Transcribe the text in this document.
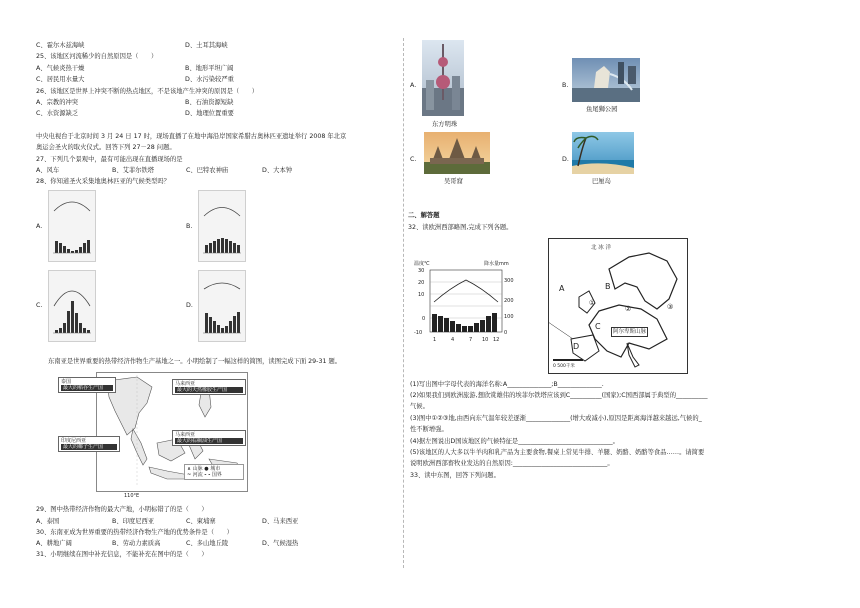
C、霍尔木兹海峡	D、土耳其海峡
25、该地区河流稀少的自然原因是（　　）
A、气候炎热干燥	B、地形平坦广阔
C、居民用水量大	D、水污染较严重
26、该地区是世界上冲突不断的热点地区，不是该地产生冲突的原因是（　　）
A、宗教的冲突	B、石油资源短缺
C、水资源缺乏	D、地理位置重要
中央电视台于北京时间 3 月 24 日 17 时，现场直播了在地中海沿岸国家希腊古奥林匹亚遗址举行 2008 年北京
奥运会圣火的取火仪式。回答下列 27－28 问题。
27、下列几个景观中，最有可能出现在直播现场的是
A、风车	B、艾菲尔铁塔	C、巴特农神庙	D、大本钟
28、你知道圣火采集地奥林匹亚的气候类型吗？
A.	B.
C.	D.
东南亚是世界重要的热带经济作物生产基地之一。小明绘制了一幅这样的简图，读图完成下面 29-31 题。
泰国
最大的稻谷生产国
马来西亚
最大的天然橡胶生产国
印度尼西亚
最大的椰子生产国
马来西亚
最大的棕榈油生产国
∧ 山脉 ● 城市
~ 河流 - - 国界
110°E
29、图中热带经济作物的最大产地，小明标错了的是（　　）
A、泰国	B、印度尼西亚	C、柬埔寨	D、马来西亚
30、东南亚成为世界重要的热带经济作物生产地的优势条件是（　　）
A、耕地广阔	B、劳动力素质高	C、多山地丘陵	D、气候湿热
31、小明继续在图中补充信息，不能补充在图中的是（　　）
A.
东方明珠
B.
鱼尾狮公园
C.
吴哥窟
D.
巴厘岛
二、解答题
32、读欧洲西部略图,完成下列各题。
温度℃	降水量mm
30
20
10
0
-10
300
200
100
0
1	4	7 10 12
北 冰 洋
A	B
C
D
①
②	③
阿尔卑斯山脉
0 500千米
(1)写出图中字母代表的海洋名称:A______________;B______________.
(2)如果我们到欧洲旅游,想欣赏雄伟的埃菲尔铁塔应该到C__________(国家);C国西部属于典型的__________
气候。
(3)图中①②③地,由西向东气温年较差逐渐______________(增大或减小),原因是距离海洋越来越远,气候的_
性不断增强。
(4)据左图说出D国该地区的气候特征是______________________________。
(5)该地区的人大多以牛羊肉和乳产品为主要食物,餐桌上常见牛排、羊腿、奶酪、奶酪等食品……。请简要
说明欧洲西部畜牧业发达的自然原因:______________________________。
33、读中东图，回答下列问题。
